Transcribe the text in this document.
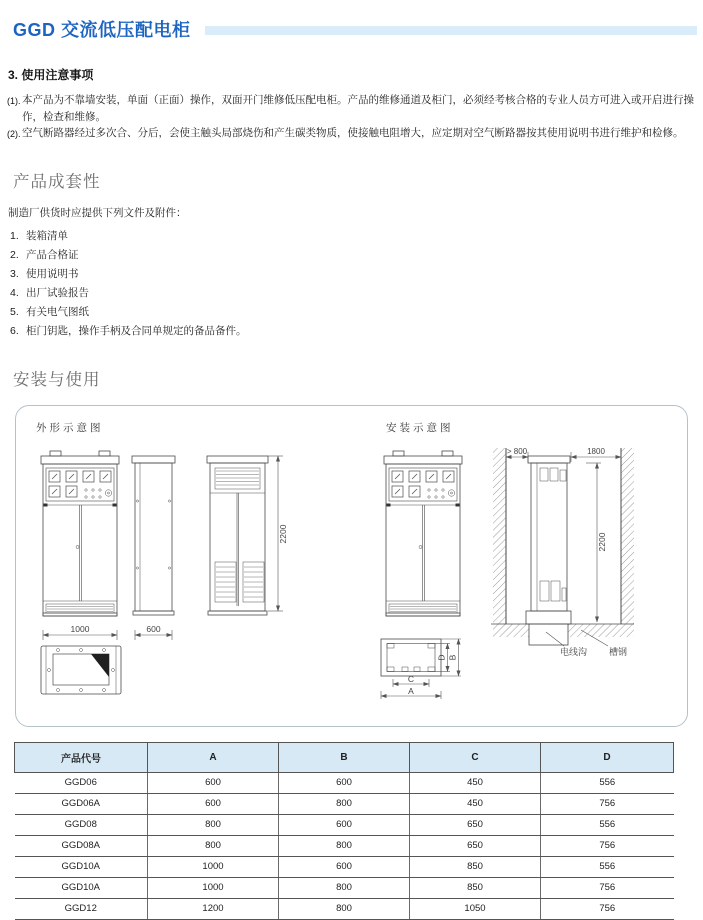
GGD 交流低压配电柜
3. 使用注意事项
(1). 本产品为不靠墙安装，单面（正面）操作，双面开门维修低压配电柜。产品的维修通道及柜门，必须经考核合格的专业人员方可进入或开启进行操作，检查和维修。
(2). 空气断路器经过多次合、分后，会使主触头局部烧伤和产生碳类物质，使接触电阻增大，应定期对空气断路器按其使用说明书进行维护和检修。
产品成套性
制造厂供货时应提供下列文件及附件：
1. 装箱清单
2. 产品合格证
3. 使用说明书
4. 出厂试验报告
5. 有关电气图纸
6. 柜门钥匙，操作手柄及合同单规定的备品备件。
安装与使用
外形示意图	安装示意图
1000	600
2200
> 800	1800
2200
电线沟 槽钢
C
A
D B
产品代号	A	B	C	D
GGD06	600	600	450	556
GGD06A	600	800	450	756
GGD08	800	600	650	556
GGD08A	800	800	650	756
GGD10A	1000	600	850	556
GGD10A	1000	800	850	756
GGD12	1200	800	1050	756
